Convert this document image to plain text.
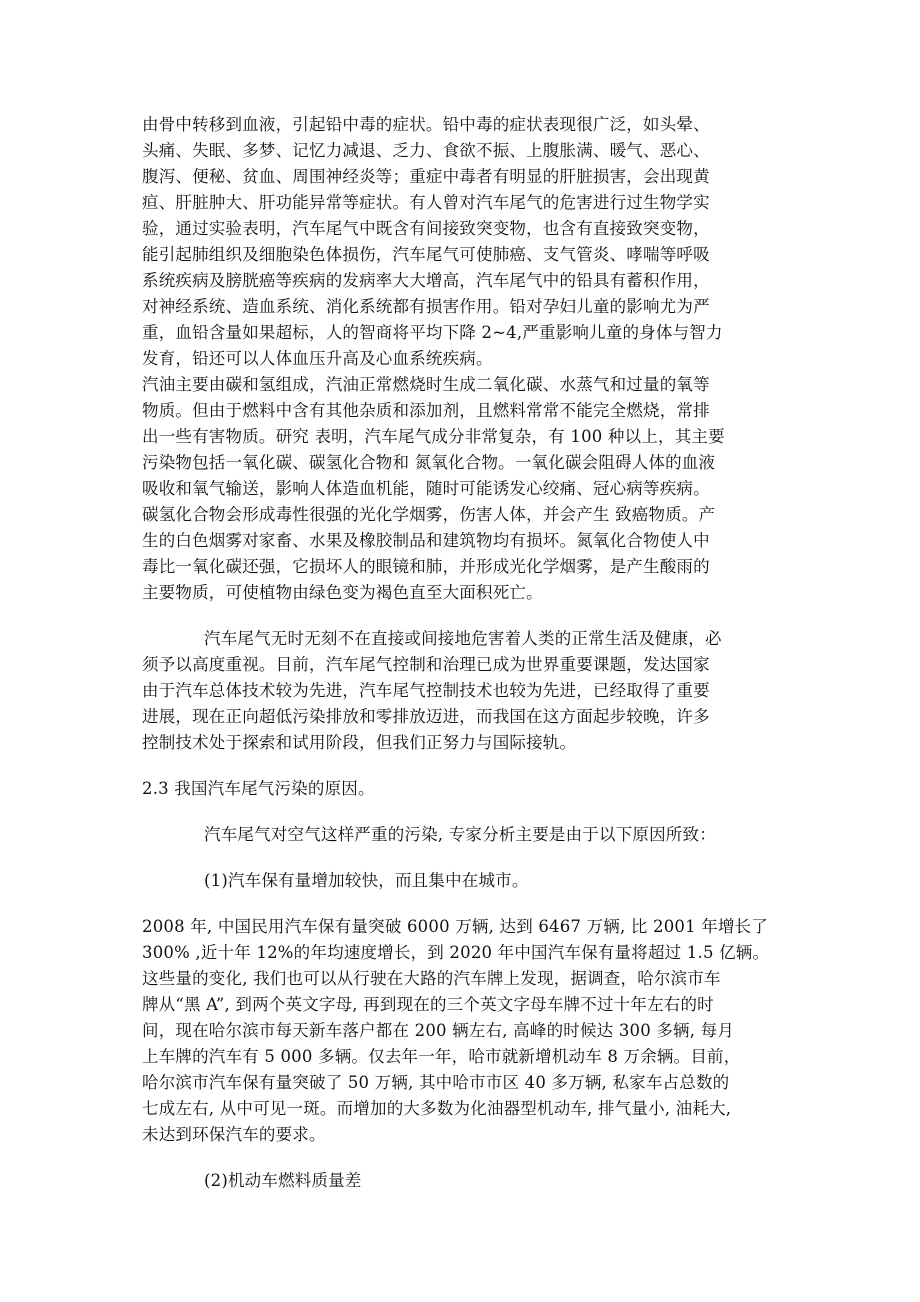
由骨中转移到血液，引起铅中毒的症状。铅中毒的症状表现很广泛，如头晕、
头痛、失眠、多梦、记忆力减退、乏力、食欲不振、上腹胀满、暖气、恶心、
腹泻、便秘、贫血、周围神经炎等；重症中毒者有明显的肝脏损害，会出现黄
疸、肝脏肿大、肝功能异常等症状。有人曾对汽车尾气的危害进行过生物学实
验，通过实验表明，汽车尾气中既含有间接致突变物，也含有直接致突变物，
能引起肺组织及细胞染色体损伤，汽车尾气可使肺癌、支气管炎、哮喘等呼吸
系统疾病及膀胱癌等疾病的发病率大大增高，汽车尾气中的铅具有蓄积作用，
对神经系统、造血系统、消化系统都有损害作用。铅对孕妇儿童的影响尤为严
重，血铅含量如果超标，人的智商将平均下降 2~4,严重影响儿童的身体与智力
发育，铅还可以人体血压升高及心血系统疾病。
汽油主要由碳和氢组成，汽油正常燃烧时生成二氧化碳、水蒸气和过量的氧等
物质。但由于燃料中含有其他杂质和添加剂，且燃料常常不能完全燃烧，常排
出一些有害物质。研究 表明，汽车尾气成分非常复杂，有 100 种以上，其主要
污染物包括一氧化碳、碳氢化合物和 氮氧化合物。一氧化碳会阻碍人体的血液
吸收和氧气输送，影响人体造血机能，随时可能诱发心绞痛、冠心病等疾病。
碳氢化合物会形成毒性很强的光化学烟雾，伤害人体，并会产生 致癌物质。产
生的白色烟雾对家畜、水果及橡胶制品和建筑物均有损坏。氮氧化合物使人中
毒比一氧化碳还强，它损坏人的眼镜和肺，并形成光化学烟雾，是产生酸雨的
主要物质，可使植物由绿色变为褐色直至大面积死亡。
汽车尾气无时无刻不在直接或间接地危害着人类的正常生活及健康，必
须予以高度重视。目前，汽车尾气控制和治理已成为世界重要课题，发达国家
由于汽车总体技术较为先进，汽车尾气控制技术也较为先进，已经取得了重要
进展，现在正向超低污染排放和零排放迈进，而我国在这方面起步较晚，许多
控制技术处于探索和试用阶段，但我们正努力与国际接轨。
2.3 我国汽车尾气污染的原因。
汽车尾气对空气这样严重的污染, 专家分析主要是由于以下原因所致：
(1)汽车保有量增加较快，而且集中在城市。
2008 年, 中国民用汽车保有量突破 6000 万辆, 达到 6467 万辆, 比 2001 年增长了
300% ,近十年 12%的年均速度增长，到 2020 年中国汽车保有量将超过 1.5 亿辆。
这些量的变化, 我们也可以从行驶在大路的汽车牌上发现，据调查，哈尔滨市车
牌从“黑 A”, 到两个英文字母, 再到现在的三个英文字母车牌不过十年左右的时
间，现在哈尔滨市每天新车落户都在 200 辆左右, 高峰的时候达 300 多辆, 每月
上车牌的汽车有 5 000 多辆。仅去年一年，哈市就新增机动车 8 万余辆。目前，
哈尔滨市汽车保有量突破了 50 万辆, 其中哈市市区 40 多万辆, 私家车占总数的
七成左右, 从中可见一斑。而增加的大多数为化油器型机动车, 排气量小, 油耗大,
未达到环保汽车的要求。
(2)机动车燃料质量差
